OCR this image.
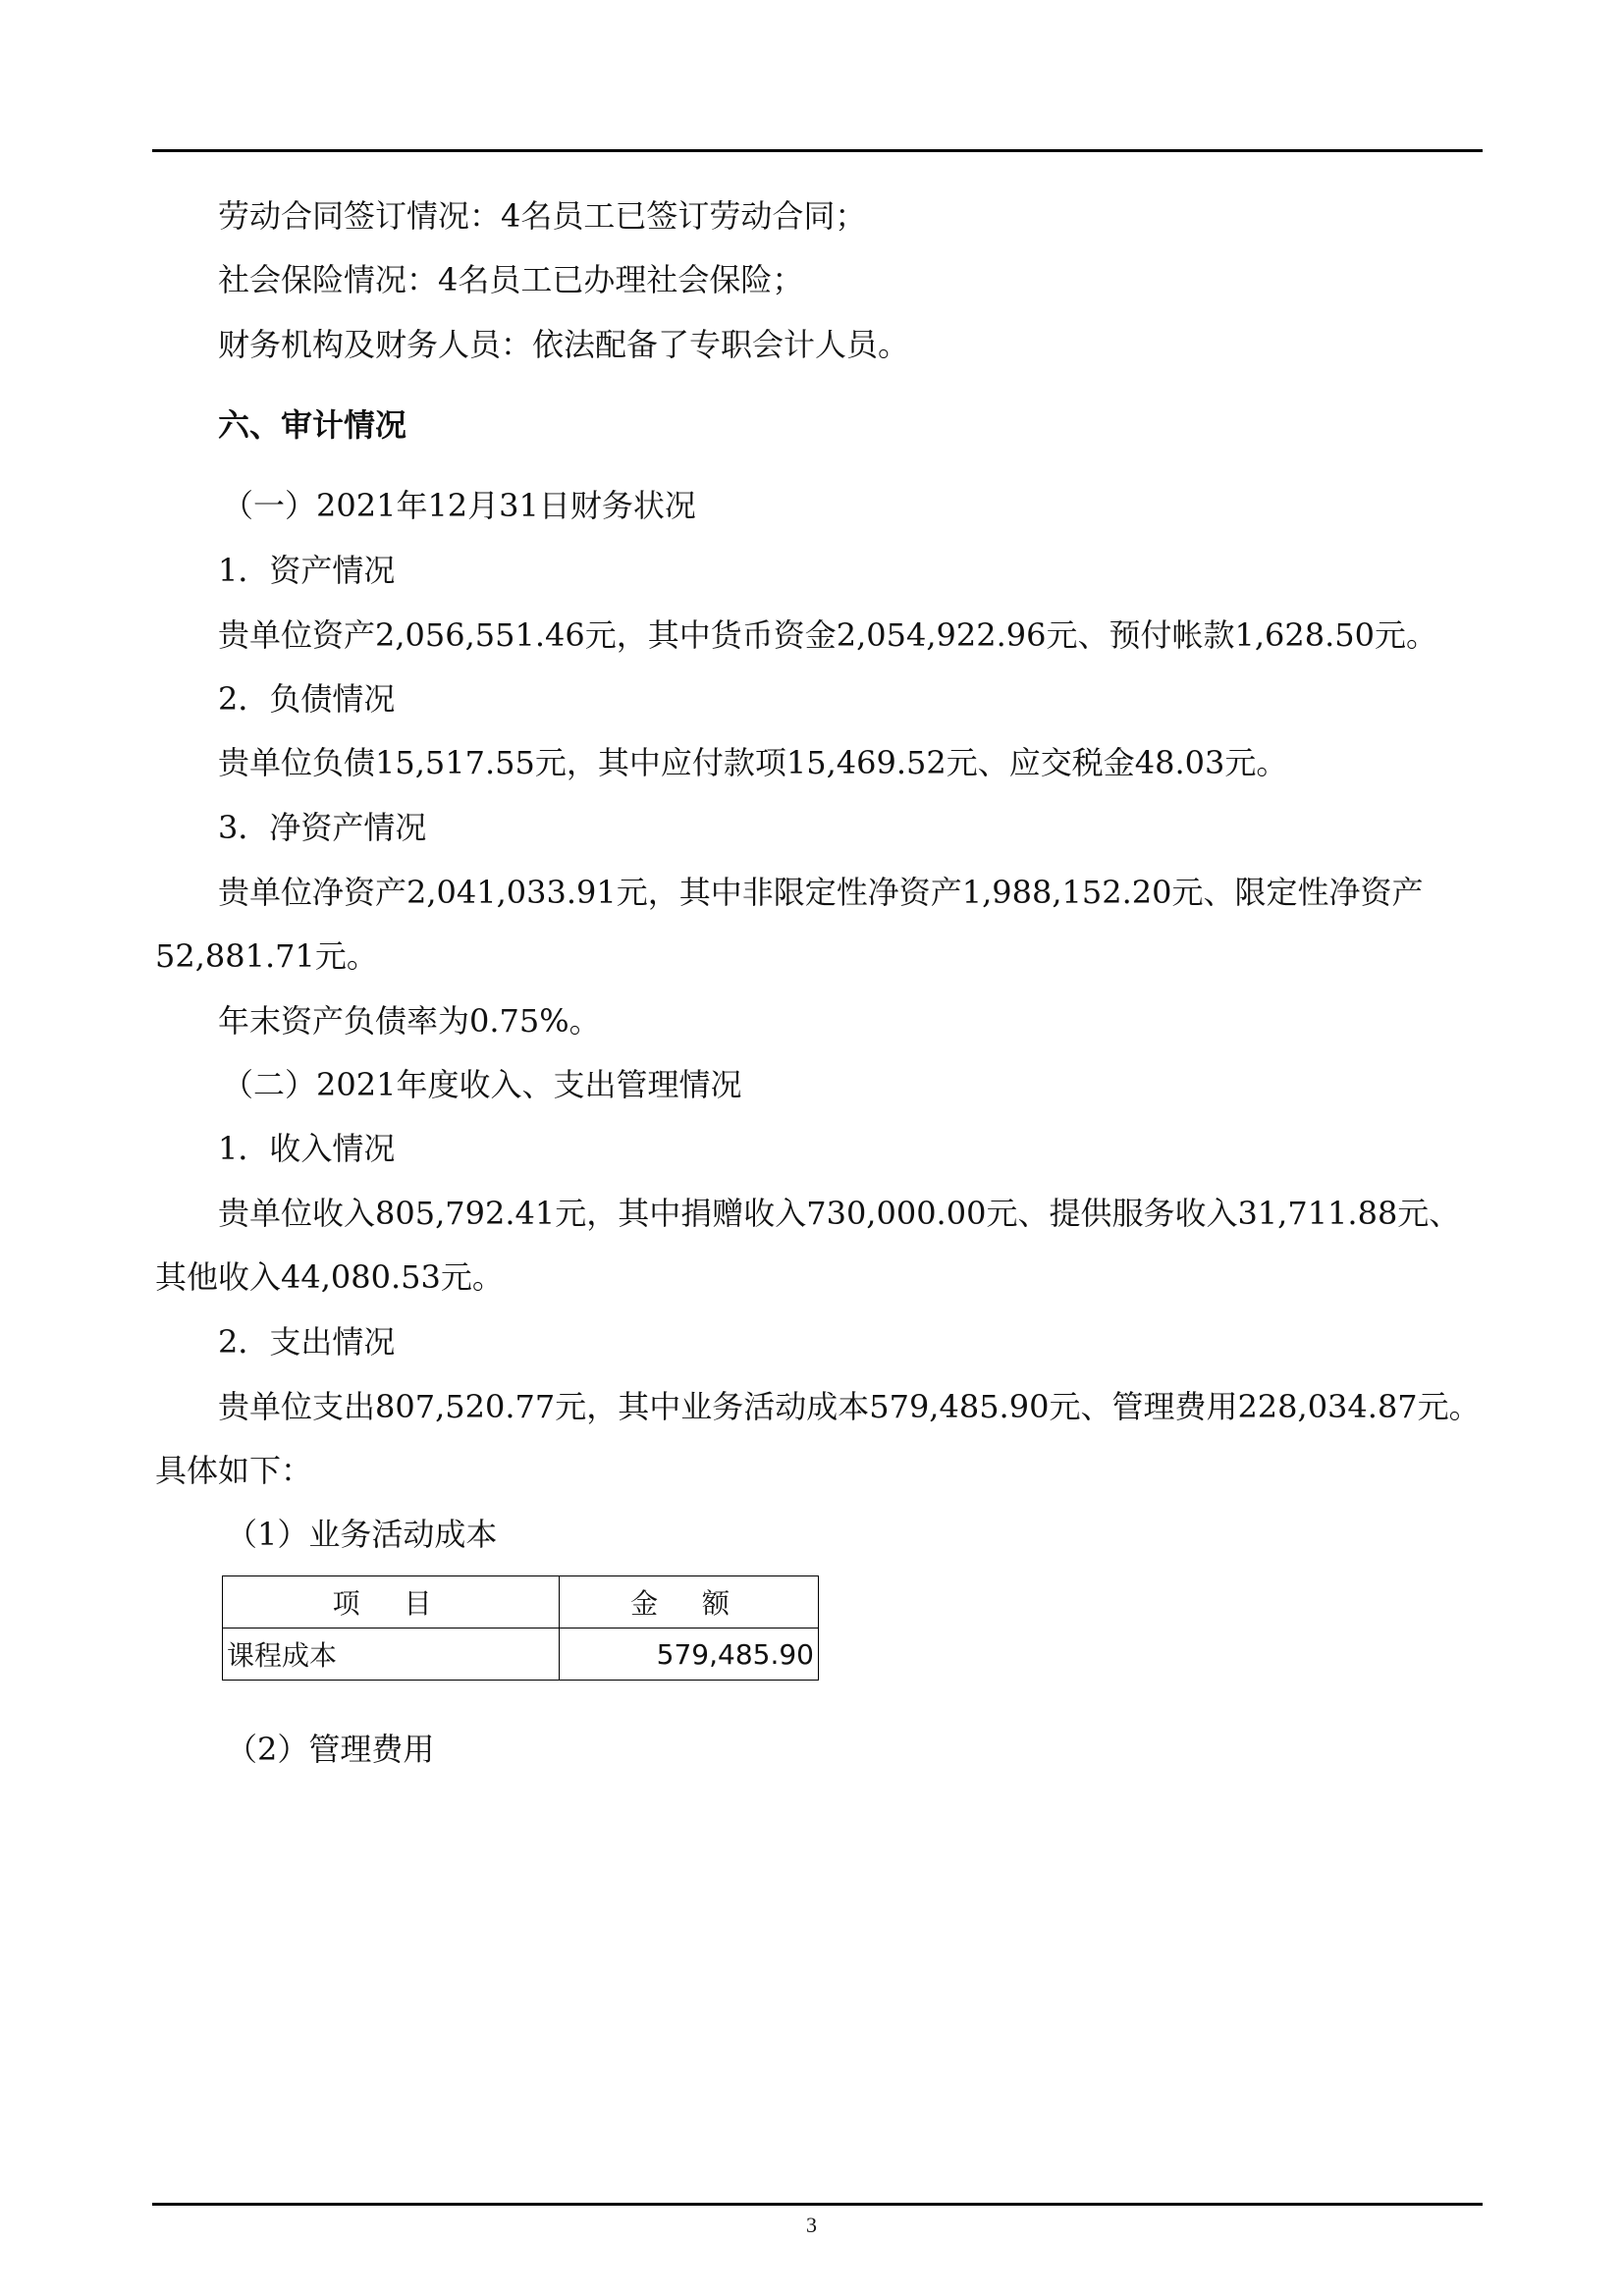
劳动合同签订情况：4名员工已签订劳动合同；
社会保险情况：4名员工已办理社会保险；
财务机构及财务人员：依法配备了专职会计人员。
六、审计情况
（一）2021年12月31日财务状况
1．资产情况
贵单位资产2,056,551.46元，其中货币资金2,054,922.96元、预付帐款1,628.50元。
2．负债情况
贵单位负债15,517.55元，其中应付款项15,469.52元、应交税金48.03元。
3．净资产情况
贵单位净资产2,041,033.91元，其中非限定性净资产1,988,152.20元、限定性净资产
52,881.71元。
年末资产负债率为0.75%。
（二）2021年度收入、支出管理情况
1．收入情况
贵单位收入805,792.41元，其中捐赠收入730,000.00元、提供服务收入31,711.88元、
其他收入44,080.53元。
2．支出情况
贵单位支出807,520.77元，其中业务活动成本579,485.90元、管理费用228,034.87元。
具体如下：
（1）业务活动成本
项 目	金 额
课程成本	579,485.90
（2）管理费用
3
